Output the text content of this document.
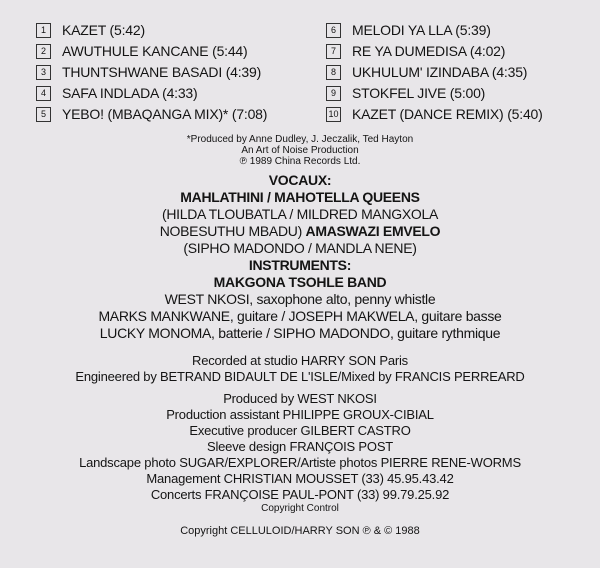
1	KAZET (5:42)
2	AWUTHULE KANCANE (5:44)
3	THUNTSHWANE BASADI (4:39)
4	SAFA INDLADA (4:33)
5	YEBO! (MBAQANGA MIX)* (7:08)
6	MELODI YA LLA (5:39)
7	RE YA DUMEDISA (4:02)
8	UKHULUM' IZINDABA (4:35)
9	STOKFEL JIVE (5:00)
10 KAZET (DANCE REMIX) (5:40)
*Produced by Anne Dudley, J. Jeczalik, Ted Hayton
An Art of Noise Production
℗ 1989 China Records Ltd.
VOCAUX:
MAHLATHINI / MAHOTELLA QUEENS
(HILDA TLOUBATLA / MILDRED MANGXOLA
NOBESUTHU MBADU) AMASWAZI EMVELO
(SIPHO MADONDO / MANDLA NENE)
INSTRUMENTS:
MAKGONA TSOHLE BAND
WEST NKOSI, saxophone alto, penny whistle
MARKS MANKWANE, guitare / JOSEPH MAKWELA, guitare basse
LUCKY MONOMA, batterie / SIPHO MADONDO, guitare rythmique
Recorded at studio HARRY SON Paris
Engineered by BETRAND BIDAULT DE L'ISLE/Mixed by FRANCIS PERREARD
Produced by WEST NKOSI
Production assistant PHILIPPE GROUX-CIBIAL
Executive producer GILBERT CASTRO
Sleeve design FRANÇOIS POST
Landscape photo SUGAR/EXPLORER/Artiste photos PIERRE RENE-WORMS
Management CHRISTIAN MOUSSET (33) 45.95.43.42
Concerts FRANÇOISE PAUL-PONT (33) 99.79.25.92
Copyright Control
Copyright CELLULOID/HARRY SON ℗ & © 1988
